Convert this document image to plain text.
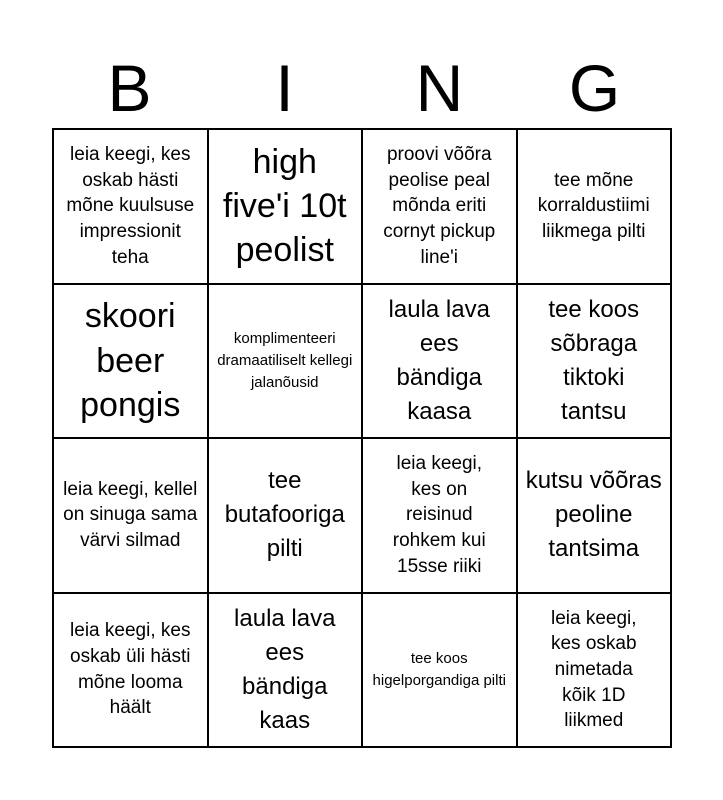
B	I	N	G
leia keegi, kes oskab hästi mõne kuulsuse impressionit teha
high five'i 10t peolist
proovi võõra peolise peal mõnda eriti cornyt pickup line'i
tee mõne korraldustiimi liikmega pilti
skoori beer pongis
komplimenteeri dramaatiliselt kellegi jalanõusid
laula lava ees bändiga kaasa
tee koos sõbraga tiktoki tantsu
leia keegi, kellel on sinuga sama värvi silmad
tee butafooriga pilti
leia keegi, kes on reisinud rohkem kui 15sse riiki
kutsu võõras peoline tantsima
leia keegi, kes oskab üli hästi mõne looma häält
laula lava ees bändiga kaas
tee koos higelporgandiga pilti
leia keegi, kes oskab nimetada kõik 1D liikmed
